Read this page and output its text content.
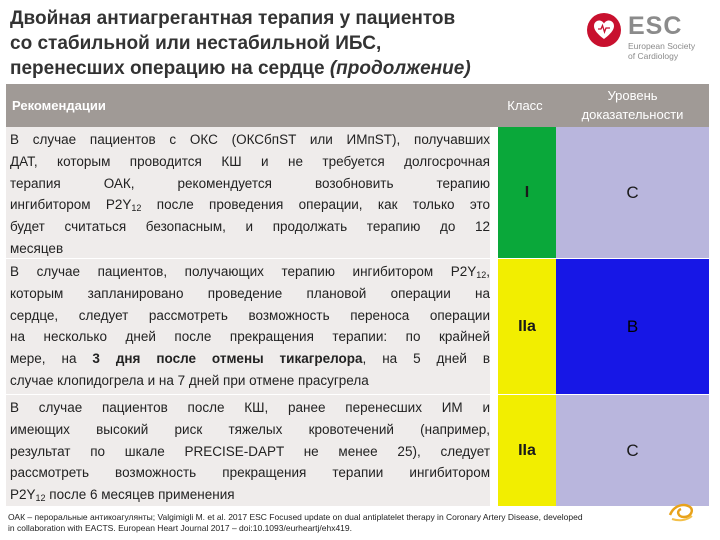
Двойная антиагрегантная терапия у пациентов
со стабильной или нестабильной ИБС,
перенесших операцию на сердце (продолжение)
ESC
European Society
of Cardiology
Рекомендации	Класс
Уровень
доказательности
В случае пациентов с ОКС (ОКСбпST или ИМпST), получавших
ДАТ, которым проводится КШ и не требуется долгосрочная
терапия ОАК, рекомендуется возобновить терапию
ингибитором $P2Y_{12}$ после проведения операции, как только это
будет считаться безопасным, и продолжать терапию до 12
месяцев
I	C
В случае пациентов, получающих терапию ингибитором $P2Y_{12}$,
которым запланировано проведение плановой операции на
сердце, следует рассмотреть возможность переноса операции
на несколько дней после прекращения терапии: по крайней
мере, на 3 дня после отмены тикагрелора, на 5 дней в
случае клопидогрела и на 7 дней при отмене прасугрела
IIa	B
В случае пациентов после КШ, ранее перенесших ИМ и
имеющих высокий риск тяжелых кровотечений (например,
результат по шкале PRECISE-DAPT не менее 25), следует
рассмотреть возможность прекращения терапии ингибитором
$P2Y_{12}$ после 6 месяцев применения
IIa	C
ОАК – пероральные антикоагулянты; Valgimigli M. et al. 2017 ESC Focused update on dual antiplatelet therapy in Coronary Artery Disease, developed
in collaboration with EACTS. European Heart Journal 2017 – doi:10.1093/eurheartj/ehx419.
